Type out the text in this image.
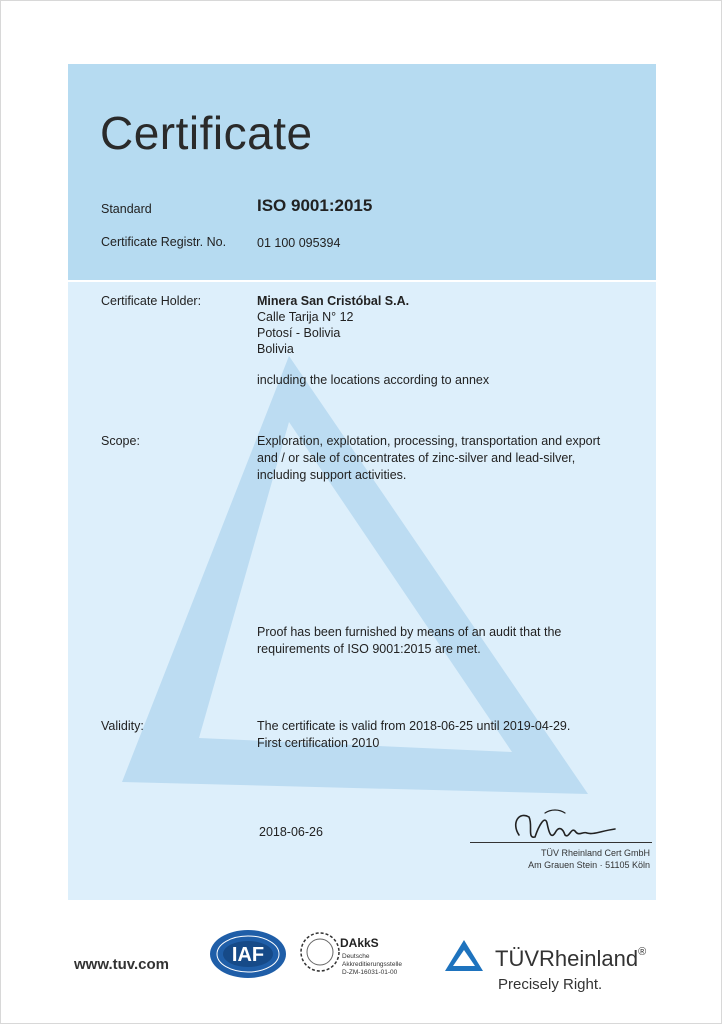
Certificate
Standard	ISO 9001:2015
Certificate Registr. No. 01 100 095394
Certificate Holder:	Minera San Cristóbal S.A.
Calle Tarija N° 12
Potosí - Bolivia
Bolivia
including the locations according to annex
Scope:	Exploration, explotation, processing, transportation and export
and / or sale of concentrates of zinc-silver and lead-silver,
including support activities.
Proof has been furnished by means of an audit that the
requirements of ISO 9001:2015 are met.
Validity:	The certificate is valid from 2018-06-25 until 2019-04-29.
First certification 2010
2018-06-26
TÜV Rheinland Cert GmbH
Am Grauen Stein · 51105 Köln
www.tuv.com	IAF
DAkkS
Deutsche
Akkreditierungsstelle
D-ZM-16031-01-00
TÜVRheinland®
Precisely Right.
